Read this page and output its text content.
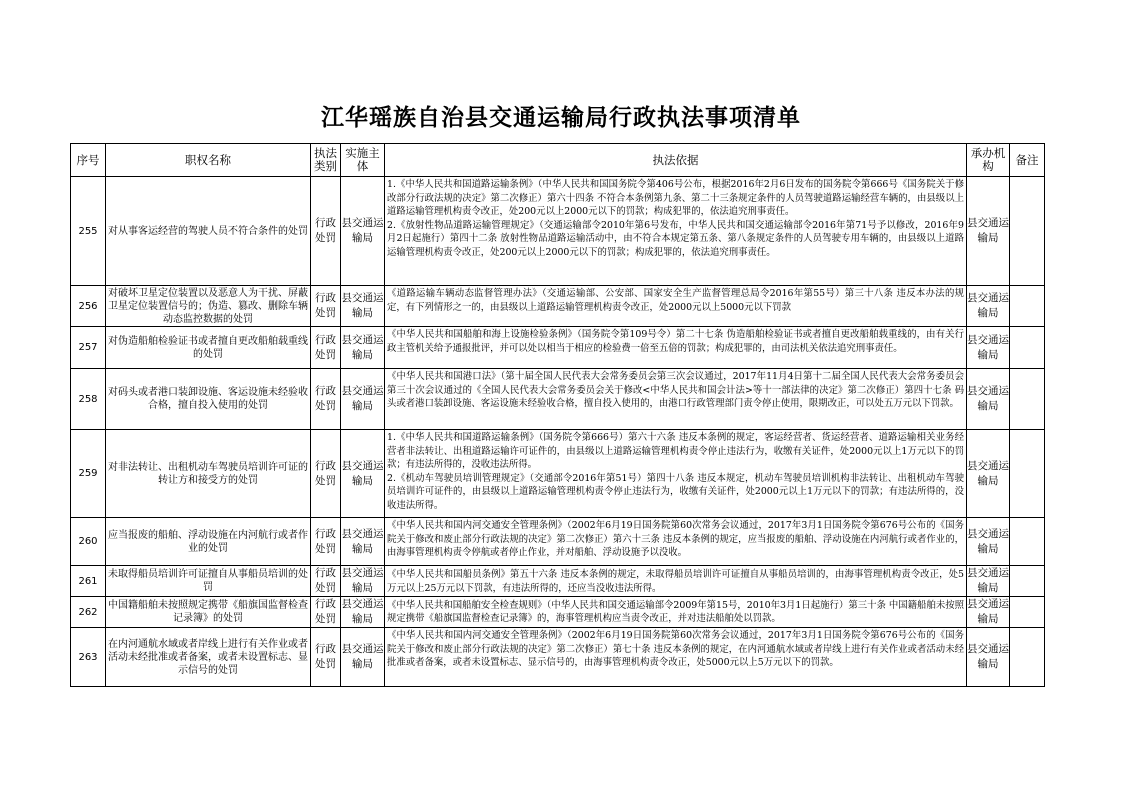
江华瑶族自治县交通运输局行政执法事项清单
序号	职权名称	执法类别	实施主体	执法依据	承办机构	备注
255	对从事客运经营的驾驶人员不符合条件的处罚	行政处罚	县交通运输局	1.《中华人民共和国道路运输条例》（中华人民共和国国务院令第406号公布，根据2016年2月6日发布的国务院令第666号《国务院关于修改部分行政法规的决定》第二次修正）第六十四条 不符合本条例第九条、第二十三条规定条件的人员驾驶道路运输经营车辆的，由县级以上道路运输管理机构责令改正，处200元以上2000元以下的罚款；构成犯罪的，依法追究刑事责任。
2.《放射性物品道路运输管理规定》（交通运输部令2010年第6号发布，中华人民共和国交通运输部令2016年第71号予以修改，2016年9月2日起施行）第四十二条 放射性物品道路运输活动中，由不符合本规定第五条、第八条规定条件的人员驾驶专用车辆的，由县级以上道路运输管理机构责令改正，处200元以上2000元以下的罚款；构成犯罪的，依法追究刑事责任。	县交通运输局	
256	对破坏卫星定位装置以及恶意人为干扰、屏蔽卫星定位装置信号的；伪造、篡改、删除车辆动态监控数据的处罚	行政处罚	县交通运输局	《道路运输车辆动态监督管理办法》（交通运输部、公安部、国家安全生产监督管理总局令2016年第55号）第三十八条 违反本办法的规定，有下列情形之一的，由县级以上道路运输管理机构责令改正，处2000元以上5000元以下罚款	县交通运输局	
257	对伪造船舶检验证书或者擅自更改船舶载重线的处罚	行政处罚	县交通运输局	《中华人民共和国船舶和海上设施检验条例》（国务院令第109号令）第二十七条 伪造船舶检验证书或者擅自更改船舶载重线的，由有关行政主管机关给予通报批评，并可以处以相当于相应的检验费一倍至五倍的罚款；构成犯罪的，由司法机关依法追究刑事责任。	县交通运输局	
258	对码头或者港口装卸设施、客运设施未经验收合格，擅自投入使用的处罚	行政处罚	县交通运输局	《中华人民共和国港口法》（第十届全国人民代表大会常务委员会第三次会议通过，2017年11月4日第十二届全国人民代表大会常务委员会第三十次会议通过的《全国人民代表大会常务委员会关于修改<中华人民共和国会计法>等十一部法律的决定》第二次修正）第四十七条 码头或者港口装卸设施、客运设施未经验收合格，擅自投入使用的，由港口行政管理部门责令停止使用，限期改正，可以处五万元以下罚款。	县交通运输局	
259	对非法转让、出租机动车驾驶员培训许可证的转让方和接受方的处罚	行政处罚	县交通运输局	1.《中华人民共和国道路运输条例》（国务院令第666号）第六十六条 违反本条例的规定，客运经营者、货运经营者、道路运输相关业务经营者非法转让、出租道路运输许可证件的，由县级以上道路运输管理机构责令停止违法行为，收缴有关证件，处2000元以上1万元以下的罚款；有违法所得的，没收违法所得。
2.《机动车驾驶员培训管理规定》（交通部令2016年第51号）第四十八条 违反本规定，机动车驾驶员培训机构非法转让、出租机动车驾驶员培训许可证件的，由县级以上道路运输管理机构责令停止违法行为，收缴有关证件，处2000元以上1万元以下的罚款；有违法所得的，没收违法所得。	县交通运输局	
260	应当报废的船舶、浮动设施在内河航行或者作业的处罚	行政处罚	县交通运输局	《中华人民共和国内河交通安全管理条例》（2002年6月19日国务院第60次常务会议通过，2017年3月1日国务院令第676号公布的《国务院关于修改和废止部分行政法规的决定》第二次修正）第六十三条 违反本条例的规定，应当报废的船舶、浮动设施在内河航行或者作业的，由海事管理机构责令停航或者停止作业，并对船舶、浮动设施予以没收。	县交通运输局	
261	未取得船员培训许可证擅自从事船员培训的处罚	行政处罚	县交通运输局	《中华人民共和国船员条例》第五十六条 违反本条例的规定，未取得船员培训许可证擅自从事船员培训的，由海事管理机构责令改正，处5万元以上25万元以下罚款，有违法所得的，还应当没收违法所得。	县交通运输局	
262	中国籍船舶未按照规定携带《船旗国监督检查记录簿》的处罚	行政处罚	县交通运输局	《中华人民共和国船舶安全检查规则》（中华人民共和国交通运输部令2009年第15号，2010年3月1日起施行）第三十条 中国籍船舶未按照规定携带《船旗国监督检查记录簿》的，海事管理机构应当责令改正，并对违法船舶处以罚款。	县交通运输局	
263	在内河通航水域或者岸线上进行有关作业或者活动未经批准或者备案，或者未设置标志、显示信号的处罚	行政处罚	县交通运输局	《中华人民共和国内河交通安全管理条例》（2002年6月19日国务院第60次常务会议通过，2017年3月1日国务院令第676号公布的《国务院关于修改和废止部分行政法规的决定》第二次修正）第七十条 违反本条例的规定，在内河通航水域或者岸线上进行有关作业或者活动未经批准或者备案，或者未设置标志、显示信号的，由海事管理机构责令改正，处5000元以上5万元以下的罚款。	县交通运输局	
